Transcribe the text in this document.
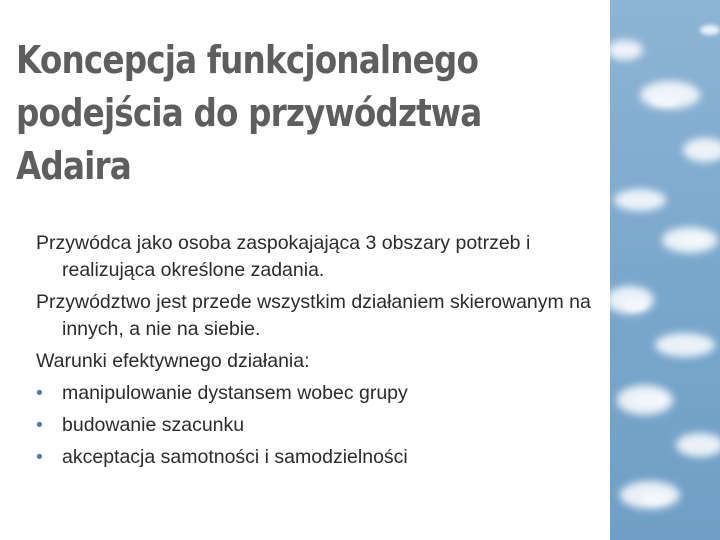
Koncepcja funkcjonalnego
podejścia do przywództwa
Adaira
Przywódca jako osoba zaspokajająca 3 obszary potrzeb i realizująca określone zadania.
Przywództwo jest przede wszystkim działaniem skierowanym na innych, a nie na siebie.
Warunki efektywnego działania:
• manipulowanie dystansem wobec grupy
• budowanie szacunku
• akceptacja samotności i samodzielności
